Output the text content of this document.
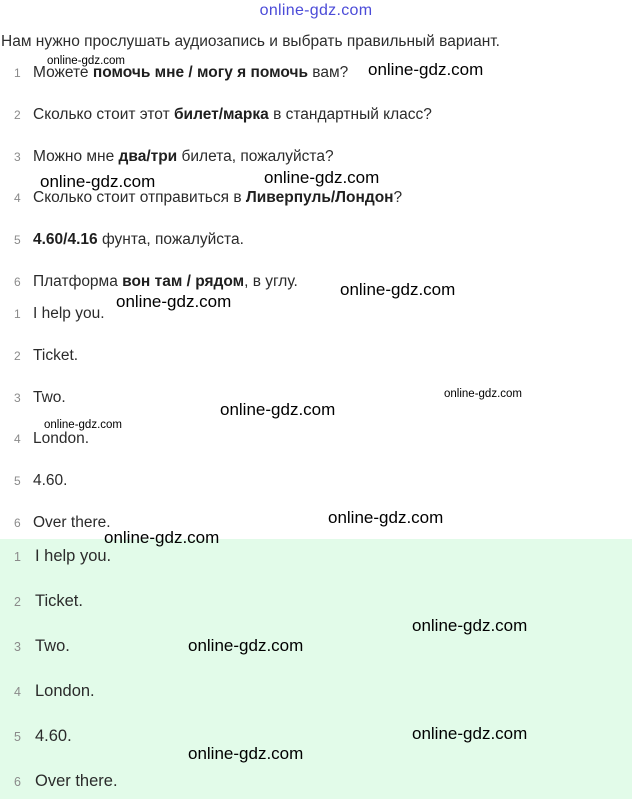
online-gdz.com
Нам нужно прослушать аудиозапись и выбрать правильный вариант.
1 Можете помочь мне / могу я помочь вам?
2 Сколько стоит этот билет/марка в стандартный класс?
3 Можно мне два/три билета, пожалуйста?
4 Сколько стоит отправиться в Ливерпуль/Лондон?
5 4.60/4.16 фунта, пожалуйста.
6 Платформа вон там / рядом, в углу.
1 I help you.
2 Ticket.
3 Two.
4 London.
5 4.60.
6 Over there.
1 I help you.
2 Ticket.
3 Two.
4 London.
5 4.60.
6 Over there.
online-gdz.com	online-gdz.com
online-gdz.com
online-gdz.com
online-gdz.com
online-gdz.com
online-gdz.com
online-gdz.com
online-gdz.com
online-gdz.com
online-gdz.com
online-gdz.com
online-gdz.com
online-gdz.com
online-gdz.com
